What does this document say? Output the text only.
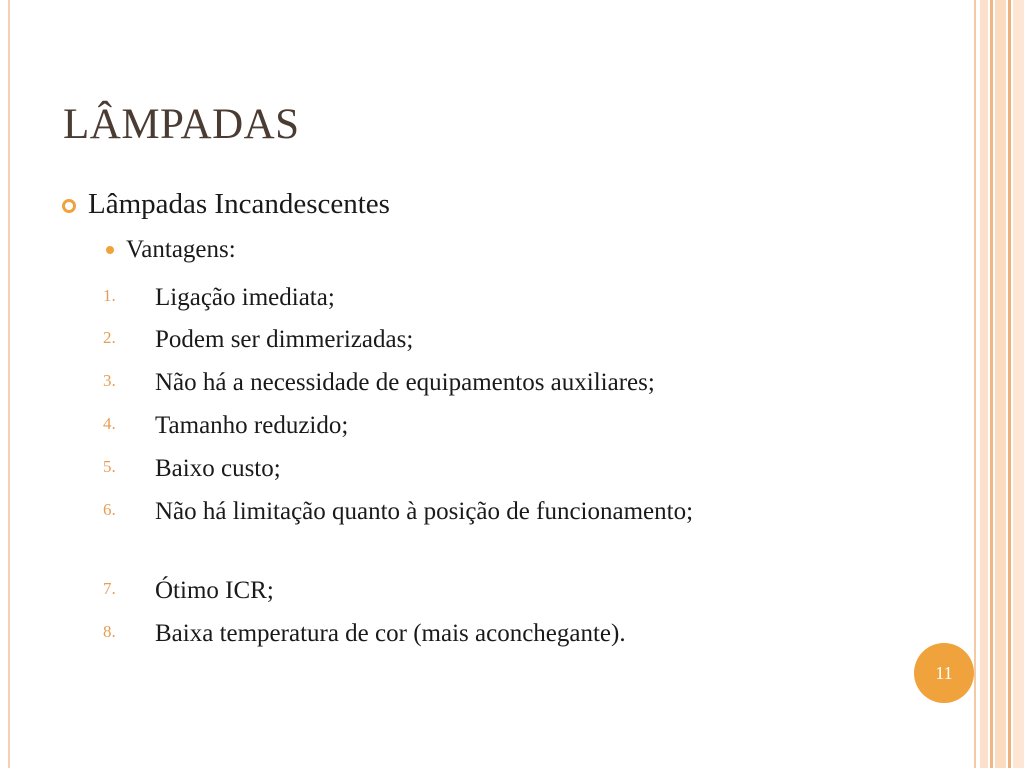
LÂMPADAS
Lâmpadas Incandescentes
Vantagens:
1.	Ligação imediata;
2.	Podem ser dimmerizadas;
3.	Não há a necessidade de equipamentos auxiliares;
4.	Tamanho reduzido;
5.	Baixo custo;
6.	Não há limitação quanto à posição de funcionamento;
7.	Ótimo ICR;
8.	Baixa temperatura de cor (mais aconchegante).
11
